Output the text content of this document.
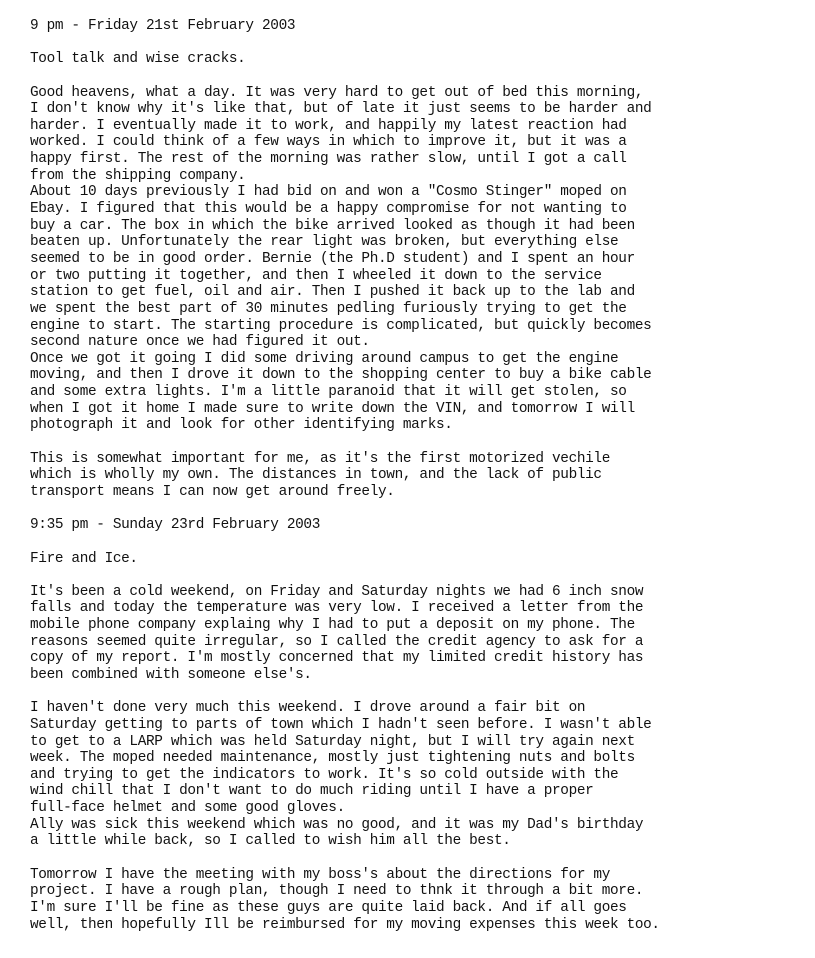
9 pm - Friday 21st February 2003
Tool talk and wise cracks.
Good heavens, what a day. It was very hard to get out of bed this morning,
I don't know why it's like that, but of late it just seems to be harder and
harder. I eventually made it to work, and happily my latest reaction had
worked. I could think of a few ways in which to improve it, but it was a
happy first. The rest of the morning was rather slow, until I got a call
from the shipping company.
About 10 days previously I had bid on and won a "Cosmo Stinger" moped on
Ebay. I figured that this would be a happy compromise for not wanting to
buy a car. The box in which the bike arrived looked as though it had been
beaten up. Unfortunately the rear light was broken, but everything else
seemed to be in good order. Bernie (the Ph.D student) and I spent an hour
or two putting it together, and then I wheeled it down to the service
station to get fuel, oil and air. Then I pushed it back up to the lab and
we spent the best part of 30 minutes pedling furiously trying to get the
engine to start. The starting procedure is complicated, but quickly becomes
second nature once we had figured it out.
Once we got it going I did some driving around campus to get the engine
moving, and then I drove it down to the shopping center to buy a bike cable
and some extra lights. I'm a little paranoid that it will get stolen, so
when I got it home I made sure to write down the VIN, and tomorrow I will
photograph it and look for other identifying marks.
This is somewhat important for me, as it's the first motorized vechile
which is wholly my own. The distances in town, and the lack of public
transport means I can now get around freely.
9:35 pm - Sunday 23rd February 2003
Fire and Ice.
It's been a cold weekend, on Friday and Saturday nights we had 6 inch snow
falls and today the temperature was very low. I received a letter from the
mobile phone company explaing why I had to put a deposit on my phone. The
reasons seemed quite irregular, so I called the credit agency to ask for a
copy of my report. I'm mostly concerned that my limited credit history has
been combined with someone else's.
I haven't done very much this weekend. I drove around a fair bit on
Saturday getting to parts of town which I hadn't seen before. I wasn't able
to get to a LARP which was held Saturday night, but I will try again next
week. The moped needed maintenance, mostly just tightening nuts and bolts
and trying to get the indicators to work. It's so cold outside with the
wind chill that I don't want to do much riding until I have a proper
full-face helmet and some good gloves.
Ally was sick this weekend which was no good, and it was my Dad's birthday
a little while back, so I called to wish him all the best.
Tomorrow I have the meeting with my boss's about the directions for my
project. I have a rough plan, though I need to thnk it through a bit more.
I'm sure I'll be fine as these guys are quite laid back. And if all goes
well, then hopefully Ill be reimbursed for my moving expenses this week too.
